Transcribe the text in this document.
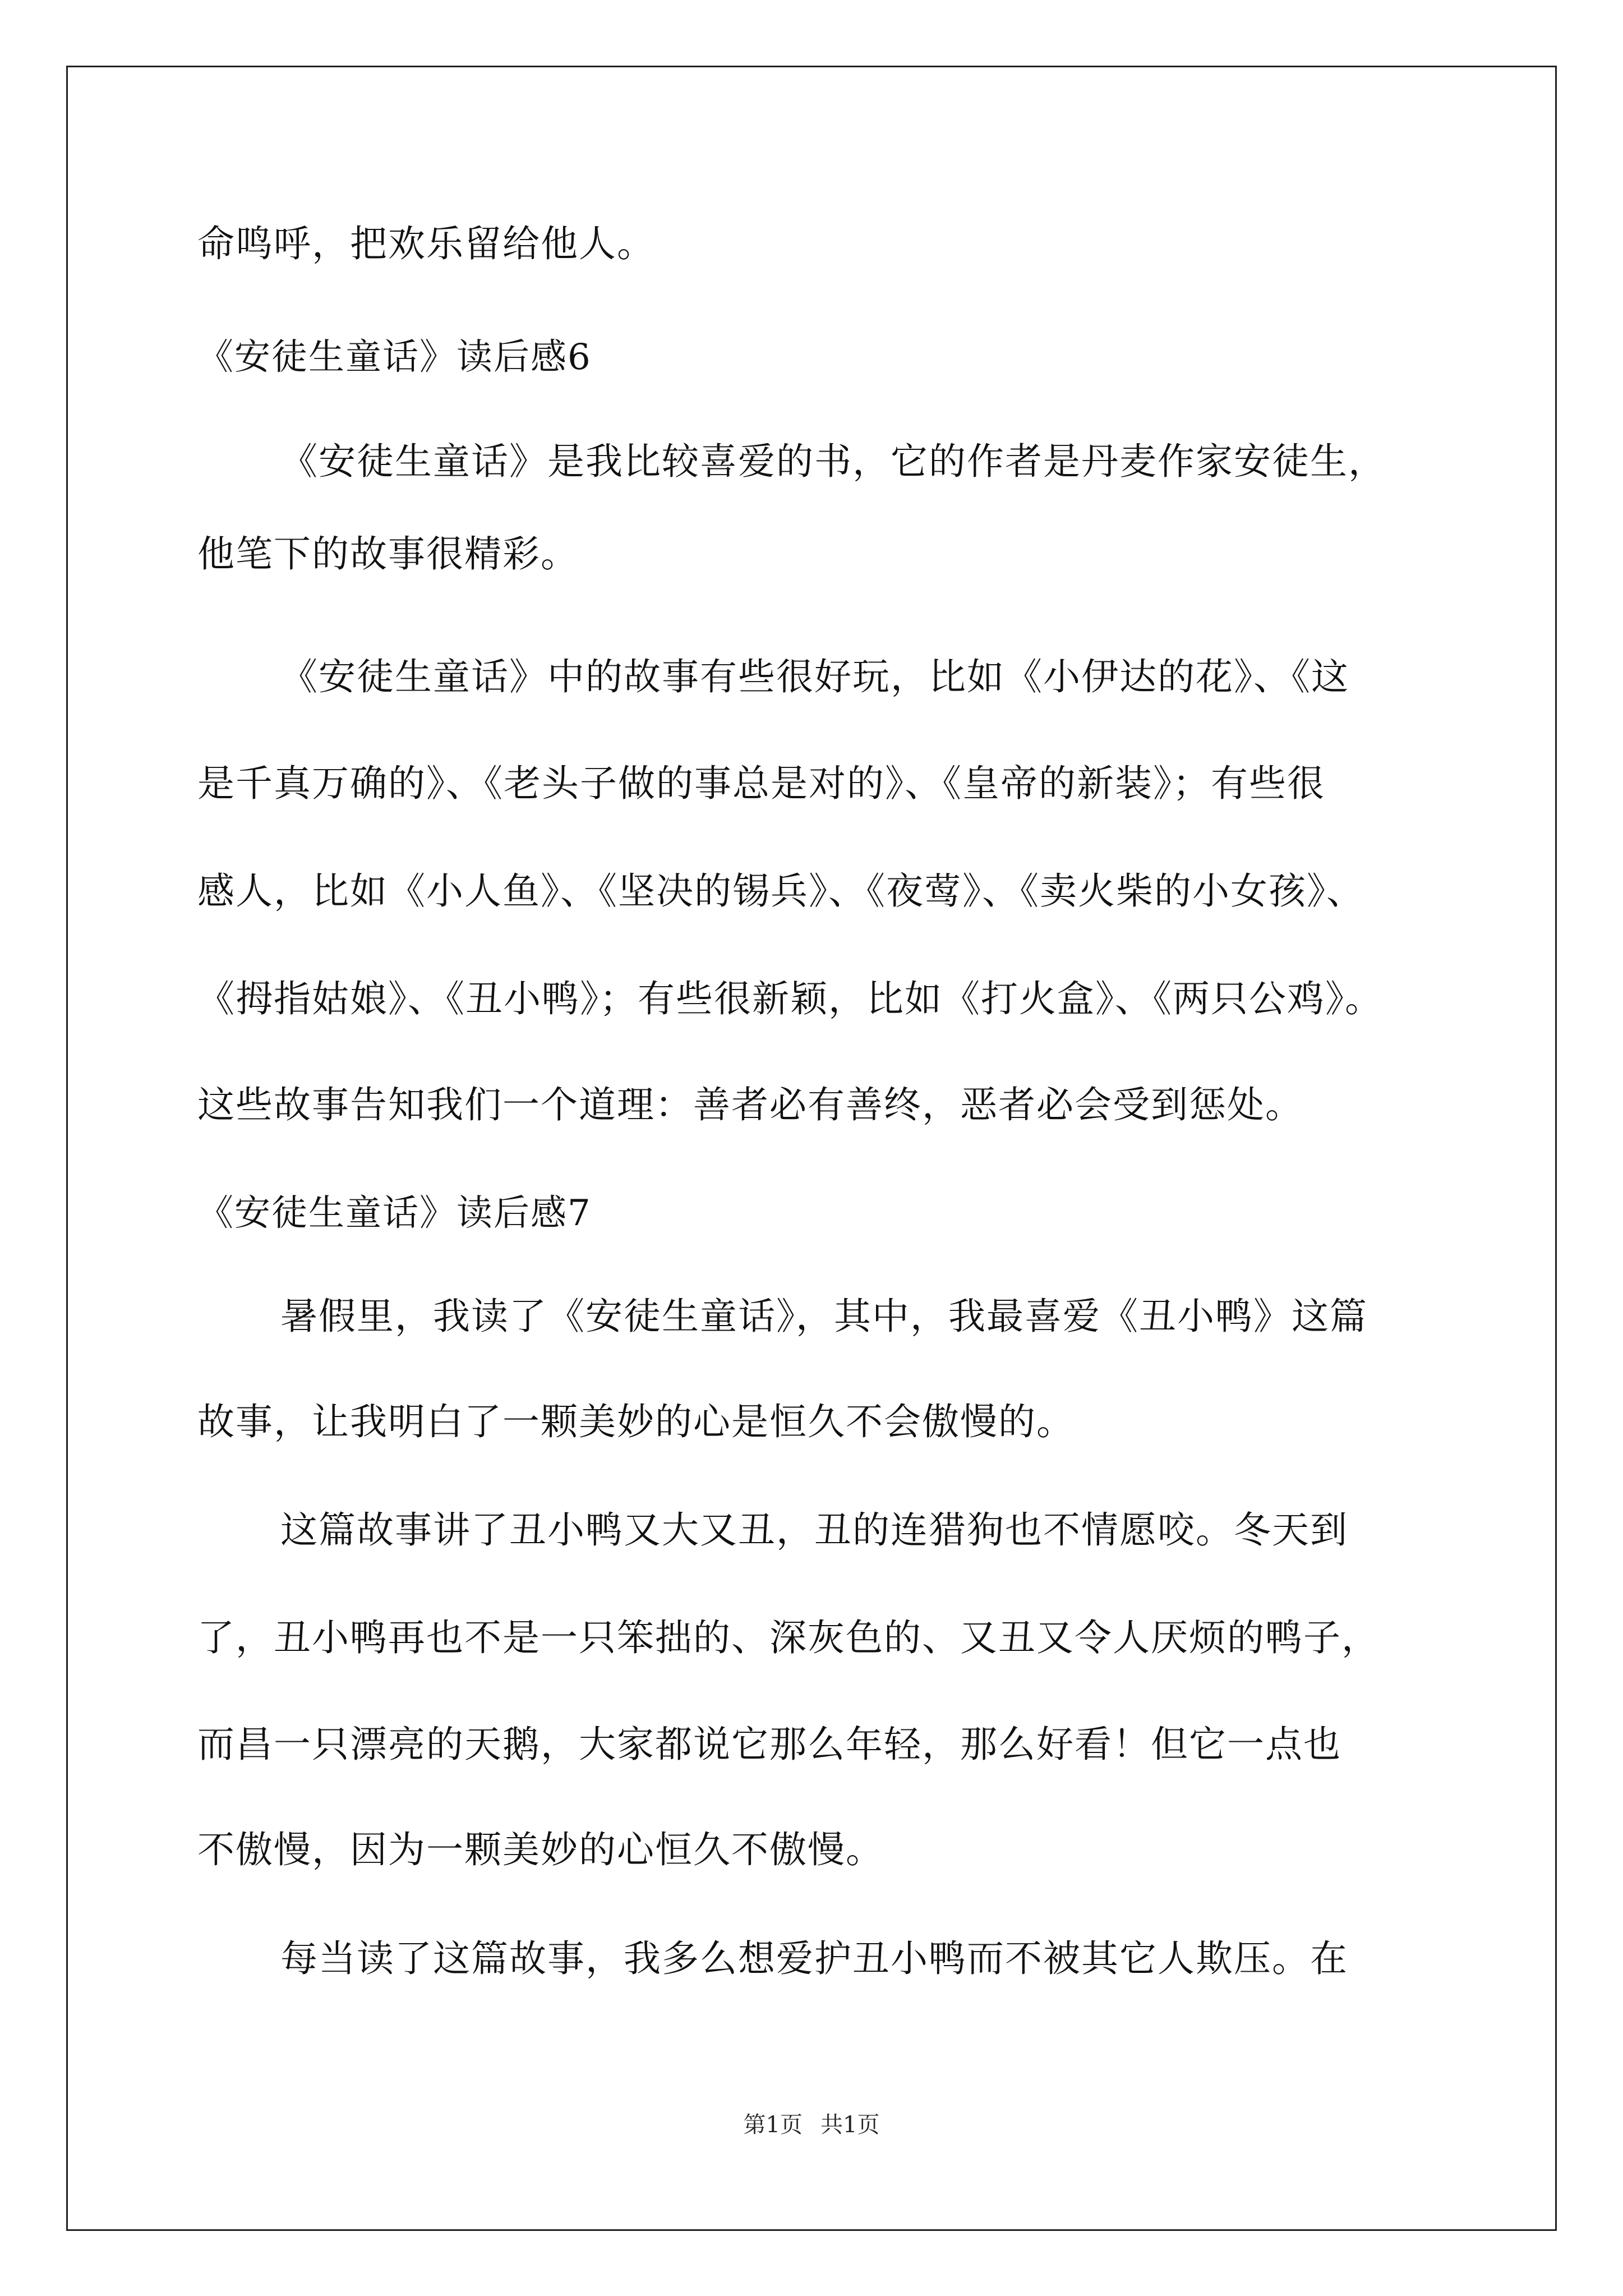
命鸣呼，把欢乐留给他人。
《安徒生童话》读后感6
《安徒生童话》是我比较喜爱的书，它的作者是丹麦作家安徒生，
他笔下的故事很精彩。
《安徒生童话》中的故事有些很好玩，比如《小伊达的花》、《这
是千真万确的》、《老头子做的事总是对的》、《皇帝的新装》；有些很
感人，比如《小人鱼》、《坚决的锡兵》、《夜莺》、《卖火柴的小女孩》、
《拇指姑娘》、《丑小鸭》；有些很新颖，比如《打火盒》、《两只公鸡》。
这些故事告知我们一个道理：善者必有善终，恶者必会受到惩处。
《安徒生童话》读后感7
暑假里，我读了《安徒生童话》，其中，我最喜爱《丑小鸭》这篇
故事，让我明白了一颗美妙的心是恒久不会傲慢的。
这篇故事讲了丑小鸭又大又丑，丑的连猎狗也不情愿咬。冬天到
了，丑小鸭再也不是一只笨拙的、深灰色的、又丑又令人厌烦的鸭子，
而昌一只漂亮的天鹅，大家都说它那么年轻，那么好看！但它一点也
不傲慢，因为一颗美妙的心恒久不傲慢。
每当读了这篇故事，我多么想爱护丑小鸭而不被其它人欺压。在
第1页 共1页
